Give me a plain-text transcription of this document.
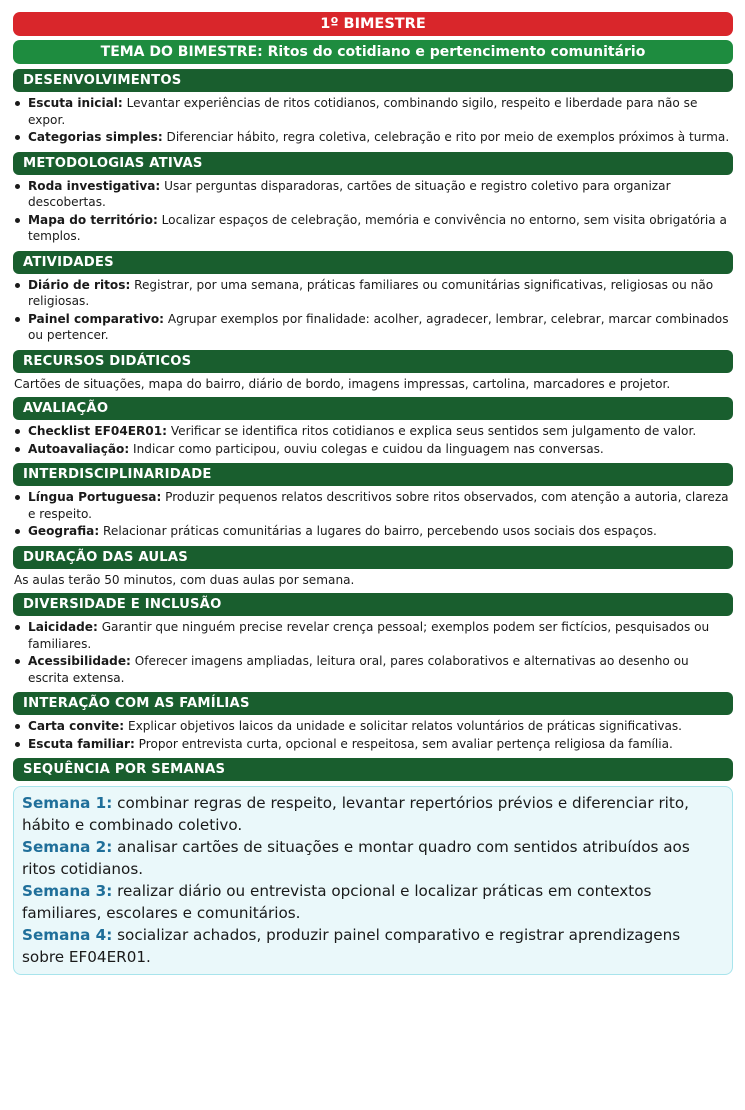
1º BIMESTRE
TEMA DO BIMESTRE: Ritos do cotidiano e pertencimento comunitário
DESENVOLVIMENTOS
Escuta inicial: Levantar experiências de ritos cotidianos, combinando sigilo, respeito e liberdade para não se expor.
Categorias simples: Diferenciar hábito, regra coletiva, celebração e rito por meio de exemplos próximos à turma.
METODOLOGIAS ATIVAS
Roda investigativa: Usar perguntas disparadoras, cartões de situação e registro coletivo para organizar descobertas.
Mapa do território: Localizar espaços de celebração, memória e convivência no entorno, sem visita obrigatória a templos.
ATIVIDADES
Diário de ritos: Registrar, por uma semana, práticas familiares ou comunitárias significativas, religiosas ou não religiosas.
Painel comparativo: Agrupar exemplos por finalidade: acolher, agradecer, lembrar, celebrar, marcar combinados ou pertencer.
RECURSOS DIDÁTICOS
Cartões de situações, mapa do bairro, diário de bordo, imagens impressas, cartolina, marcadores e projetor.
AVALIAÇÃO
Checklist EF04ER01: Verificar se identifica ritos cotidianos e explica seus sentidos sem julgamento de valor.
Autoavaliação: Indicar como participou, ouviu colegas e cuidou da linguagem nas conversas.
INTERDISCIPLINARIDADE
Língua Portuguesa: Produzir pequenos relatos descritivos sobre ritos observados, com atenção a autoria, clareza e respeito.
Geografia: Relacionar práticas comunitárias a lugares do bairro, percebendo usos sociais dos espaços.
DURAÇÃO DAS AULAS
As aulas terão 50 minutos, com duas aulas por semana.
DIVERSIDADE E INCLUSÃO
Laicidade: Garantir que ninguém precise revelar crença pessoal; exemplos podem ser fictícios, pesquisados ou familiares.
Acessibilidade: Oferecer imagens ampliadas, leitura oral, pares colaborativos e alternativas ao desenho ou escrita extensa.
INTERAÇÃO COM AS FAMÍLIAS
Carta convite: Explicar objetivos laicos da unidade e solicitar relatos voluntários de práticas significativas.
Escuta familiar: Propor entrevista curta, opcional e respeitosa, sem avaliar pertença religiosa da família.
SEQUÊNCIA POR SEMANAS

Semana 1: combinar regras de respeito, levantar repertórios prévios e diferenciar rito, hábito e combinado coletivo.

Semana 2: analisar cartões de situações e montar quadro com sentidos atribuídos aos ritos cotidianos.

Semana 3: realizar diário ou entrevista opcional e localizar práticas em contextos familiares, escolares e comunitários.

Semana 4: socializar achados, produzir painel comparativo e registrar aprendizagens sobre EF04ER01.
